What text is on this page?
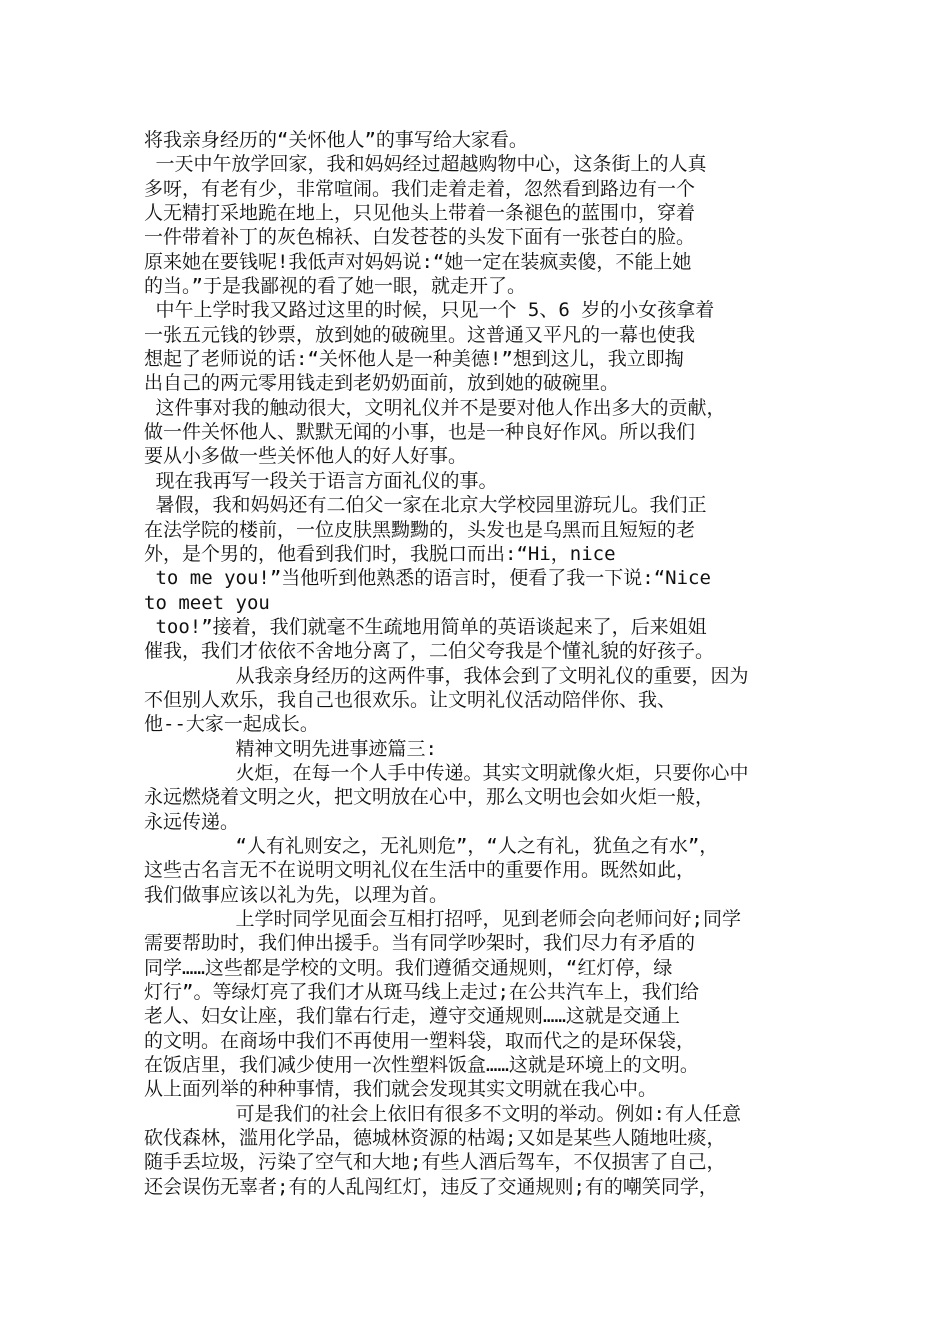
将我亲身经历的“关怀他人”的事写给大家看。
一天中午放学回家，我和妈妈经过超越购物中心，这条街上的人真
多呀，有老有少，非常喧闹。我们走着走着，忽然看到路边有一个
人无精打采地跪在地上，只见他头上带着一条褪色的蓝围巾，穿着
一件带着补丁的灰色棉袄、白发苍苍的头发下面有一张苍白的脸。
原来她在要钱呢!我低声对妈妈说:“她一定在装疯卖傻，不能上她
的当。”于是我鄙视的看了她一眼，就走开了。
中午上学时我又路过这里的时候，只见一个 5、6 岁的小女孩拿着
一张五元钱的钞票，放到她的破碗里。这普通又平凡的一幕也使我
想起了老师说的话:“关怀他人是一种美德!”想到这儿，我立即掏
出自己的两元零用钱走到老奶奶面前，放到她的破碗里。
这件事对我的触动很大，文明礼仪并不是要对他人作出多大的贡献，
做一件关怀他人、默默无闻的小事，也是一种良好作风。所以我们
要从小多做一些关怀他人的好人好事。
现在我再写一段关于语言方面礼仪的事。
暑假，我和妈妈还有二伯父一家在北京大学校园里游玩儿。我们正
在法学院的楼前，一位皮肤黑黝黝的，头发也是乌黑而且短短的老
外，是个男的，他看到我们时，我脱口而出:“Hi，nice
to me you!”当他听到他熟悉的语言时，便看了我一下说:“Nice
to meet you
too!”接着，我们就毫不生疏地用简单的英语谈起来了，后来姐姐
催我，我们才依依不舍地分离了，二伯父夸我是个懂礼貌的好孩子。
从我亲身经历的这两件事，我体会到了文明礼仪的重要，因为
不但别人欢乐，我自己也很欢乐。让文明礼仪活动陪伴你、我、
他--大家一起成长。
精神文明先进事迹篇三:
火炬，在每一个人手中传递。其实文明就像火炬，只要你心中
永远燃烧着文明之火，把文明放在心中，那么文明也会如火炬一般，
永远传递。
“人有礼则安之，无礼则危”，“人之有礼，犹鱼之有水”，
这些古名言无不在说明文明礼仪在生活中的重要作用。既然如此，
我们做事应该以礼为先，以理为首。
上学时同学见面会互相打招呼，见到老师会向老师问好;同学
需要帮助时，我们伸出援手。当有同学吵架时，我们尽力有矛盾的
同学……这些都是学校的文明。我们遵循交通规则，“红灯停，绿
灯行”。等绿灯亮了我们才从斑马线上走过;在公共汽车上，我们给
老人、妇女让座，我们靠右行走，遵守交通规则……这就是交通上
的文明。在商场中我们不再使用一塑料袋，取而代之的是环保袋，
在饭店里，我们减少使用一次性塑料饭盒……这就是环境上的文明。
从上面列举的种种事情，我们就会发现其实文明就在我心中。
可是我们的社会上依旧有很多不文明的举动。例如:有人任意
砍伐森林，滥用化学品，德城林资源的枯竭;又如是某些人随地吐痰，
随手丢垃圾，污染了空气和大地;有些人酒后驾车，不仅损害了自己，
还会误伤无辜者;有的人乱闯红灯，违反了交通规则;有的嘲笑同学，
